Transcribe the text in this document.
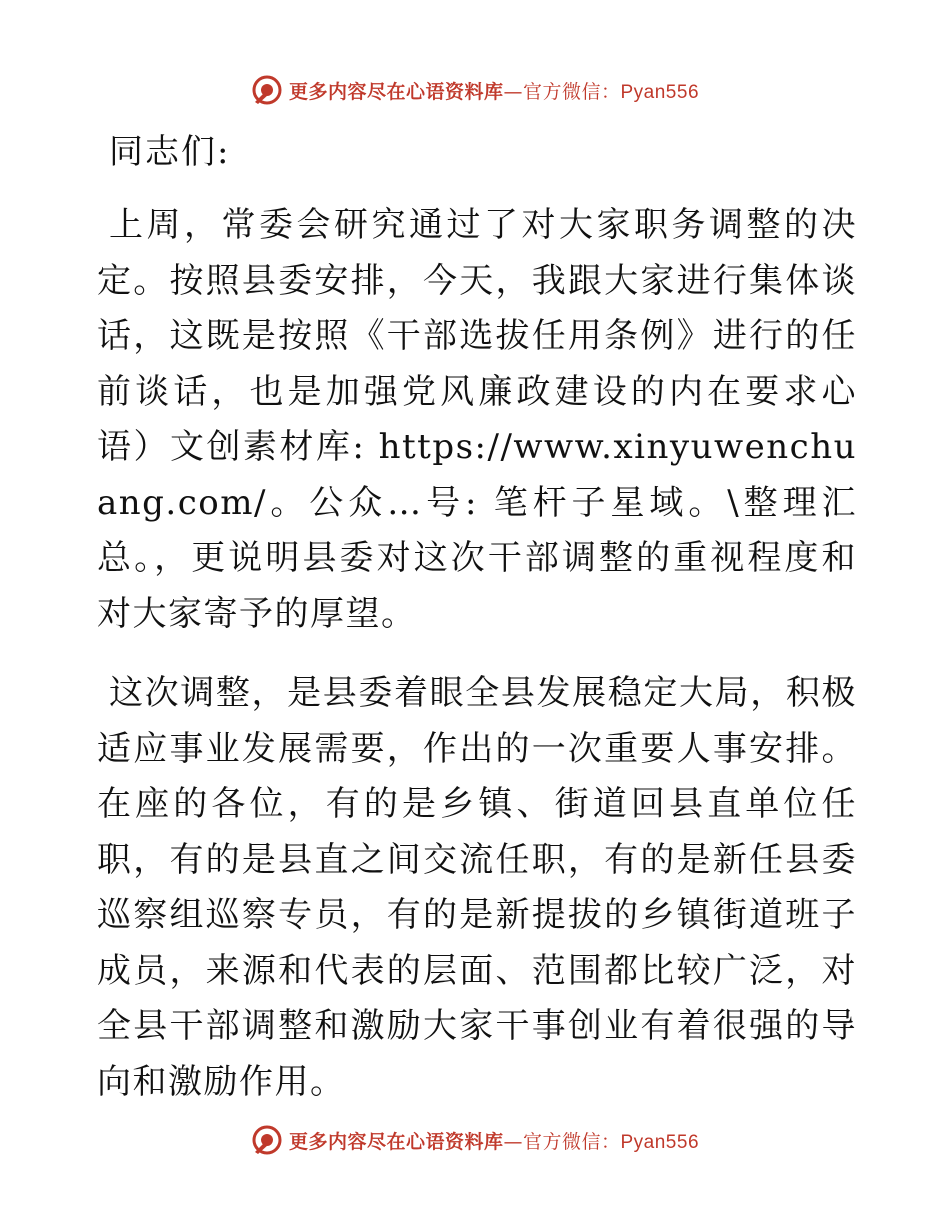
更多内容尽在心语资料库—官方微信：Pyan556
同志们:

上周，常委会研究通过了对大家职务调整的决定。按照县委安排，今天，我跟大家进行集体谈话，这既是按照《干部选拔任用条例》进行的任前谈话，也是加强党风廉政建设的内在要求心语）文创素材库: https://www.xinyuwenchuang.com/。公众…号: 笔杆子星域。\整理汇总。，更说明县委对这次干部调整的重视程度和对大家寄予的厚望。

这次调整，是县委着眼全县发展稳定大局，积极适应事业发展需要，作出的一次重要人事安排。在座的各位，有的是乡镇、街道回县直单位任职，有的是县直之间交流任职，有的是新任县委巡察组巡察专员，有的是新提拔的乡镇街道班子成员，来源和代表的层面、范围都比较广泛，对全县干部调整和激励大家干事创业有着很强的导向和激励作用。

更多内容尽在心语资料库—官方微信：Pyan556
